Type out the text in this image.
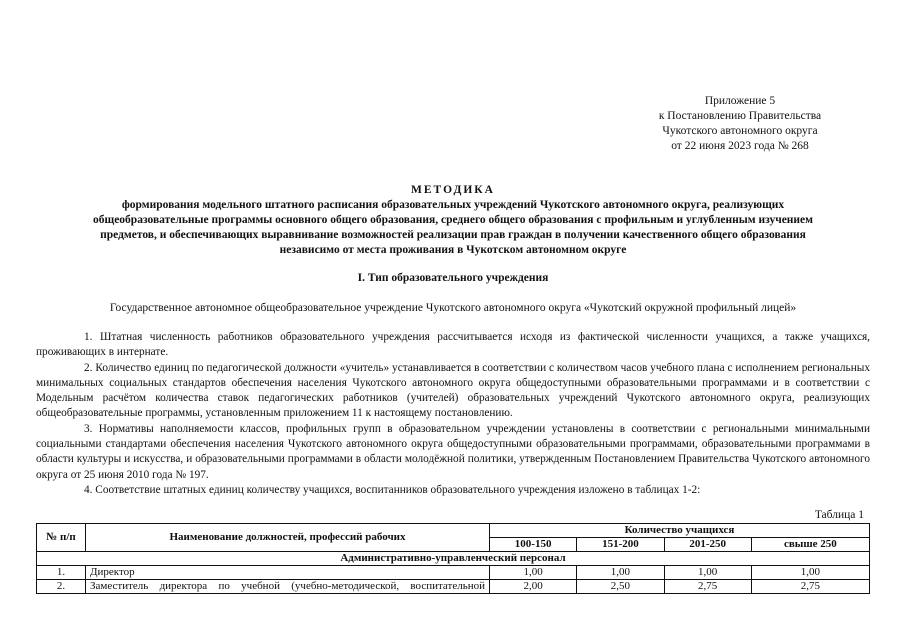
Приложение 5
к Постановлению Правительства
Чукотского автономного округа
от 22 июня 2023 года № 268
МЕТОДИКА
формирования модельного штатного расписания образовательных учреждений Чукотского автономного округа, реализующих
общеобразовательные программы основного общего образования, среднего общего образования с профильным и углубленным изучением
предметов, и обеспечивающих выравнивание возможностей реализации прав граждан в получении качественного общего образования
независимо от места проживания в Чукотском автономном округе
I. Тип образовательного учреждения
Государственное автономное общеобразовательное учреждение Чукотского автономного округа «Чукотский окружной профильный лицей»

1. Штатная численность работников образовательного учреждения рассчитывается исходя из фактической численности учащихся, а также учащихся, проживающих в интернате.

2. Количество единиц по педагогической должности «учитель» устанавливается в соответствии с количеством часов учебного плана с исполнением региональных минимальных социальных стандартов обеспечения населения Чукотского автономного округа общедоступными образовательными программами и в соответствии с Модельным расчётом количества ставок педагогических работников (учителей) образовательных учреждений Чукотского автономного округа, реализующих общеобразовательные программы, установленным приложением 11 к настоящему постановлению.

3. Нормативы наполняемости классов, профильных групп в образовательном учреждении установлены в соответствии с региональными минимальными социальными стандартами обеспечения населения Чукотского автономного округа общедоступными образовательными программами, образовательными программами в области культуры и искусства, и образовательными программами в области молодёжной политики, утвержденным Постановлением Правительства Чукотского автономного округа от 25 июня 2010 года № 197.

4. Соответствие штатных единиц количеству учащихся, воспитанников образовательного учреждения изложено в таблицах 1-2:

Таблица 1
№ п/п	Наименование должностей, профессий рабочих	Количество учащихся			
		100-150	151-200	201-250	свыше 250
Административно-управленческий персонал					
1.	Директор	1,00	1,00	1,00	1,00
2.	Заместитель директора по учебной (учебно-методической, воспитательной	2,00	2,50	2,75	2,75
